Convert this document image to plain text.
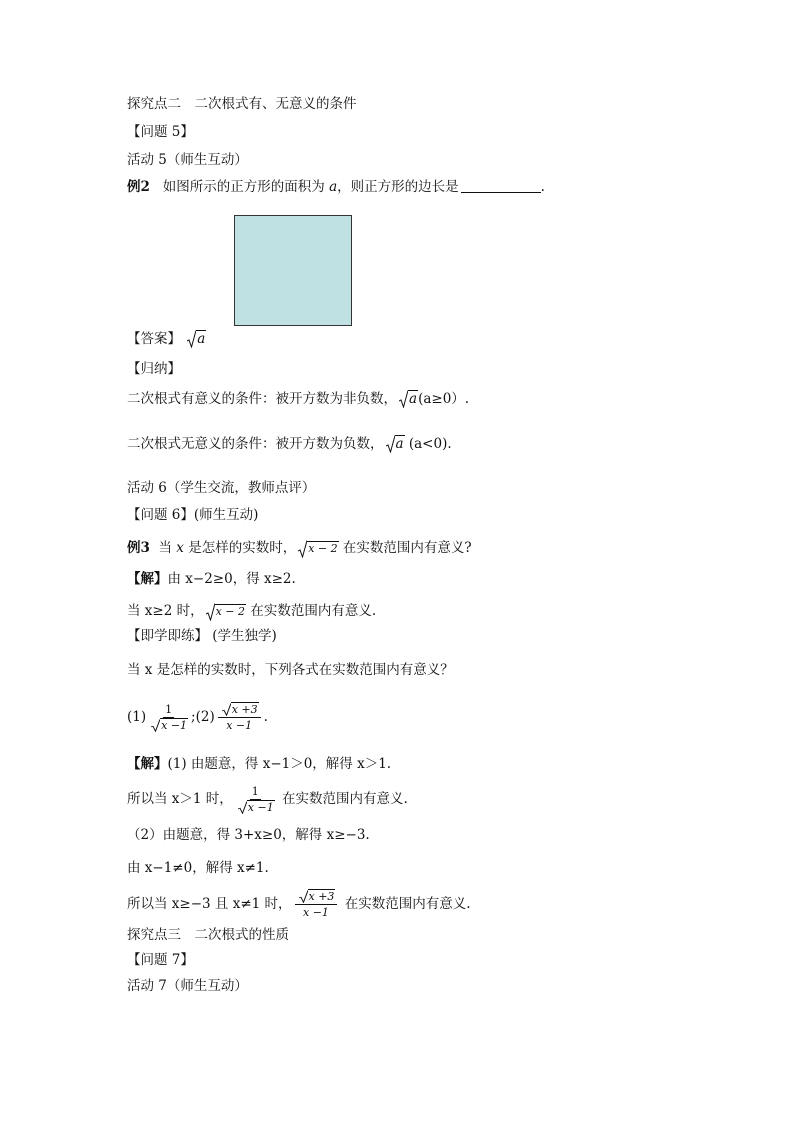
探究点二　二次根式有、无意义的条件
【问题 5】
活动 5（师生互动）
例2 如图所示的正方形的面积为 a，则正方形的边长是	.
【答案】 a
【归纳】
二次根式有意义的条件：被开方数为非负数， a(a≥0）.
二次根式无意义的条件：被开方数为负数， a (a<0).
活动 6（学生交流，教师点评）
【问题 6】(师生互动)
例3 当 x 是怎样的实数时， x − 2 在实数范围内有意义?
【解】由 x−2≥0，得 x≥2.
当 x≥2 时， x − 2 在实数范围内有意义.
【即学即练】 (学生独学)
当 x 是怎样的实数时，下列各式在实数范围内有意义？
$(1) \frac{1}{x -1}$ ;(2) $\frac{x +3}{x -1}$ .
【解】(1) 由题意，得 x−1＞0，解得 x＞1.
所以当 x＞1 时， $\frac{1}{x -1}$ 在实数范围内有意义.
（2）由题意，得 3+x≥0，解得 x≥−3.
由 x−1≠0，解得 x≠1.
所以当 x≥−3 且 x≠1 时， $\frac{x +3}{x -1}$ 在实数范围内有意义.
探究点三　二次根式的性质
【问题 7】
活动 7（师生互动）
